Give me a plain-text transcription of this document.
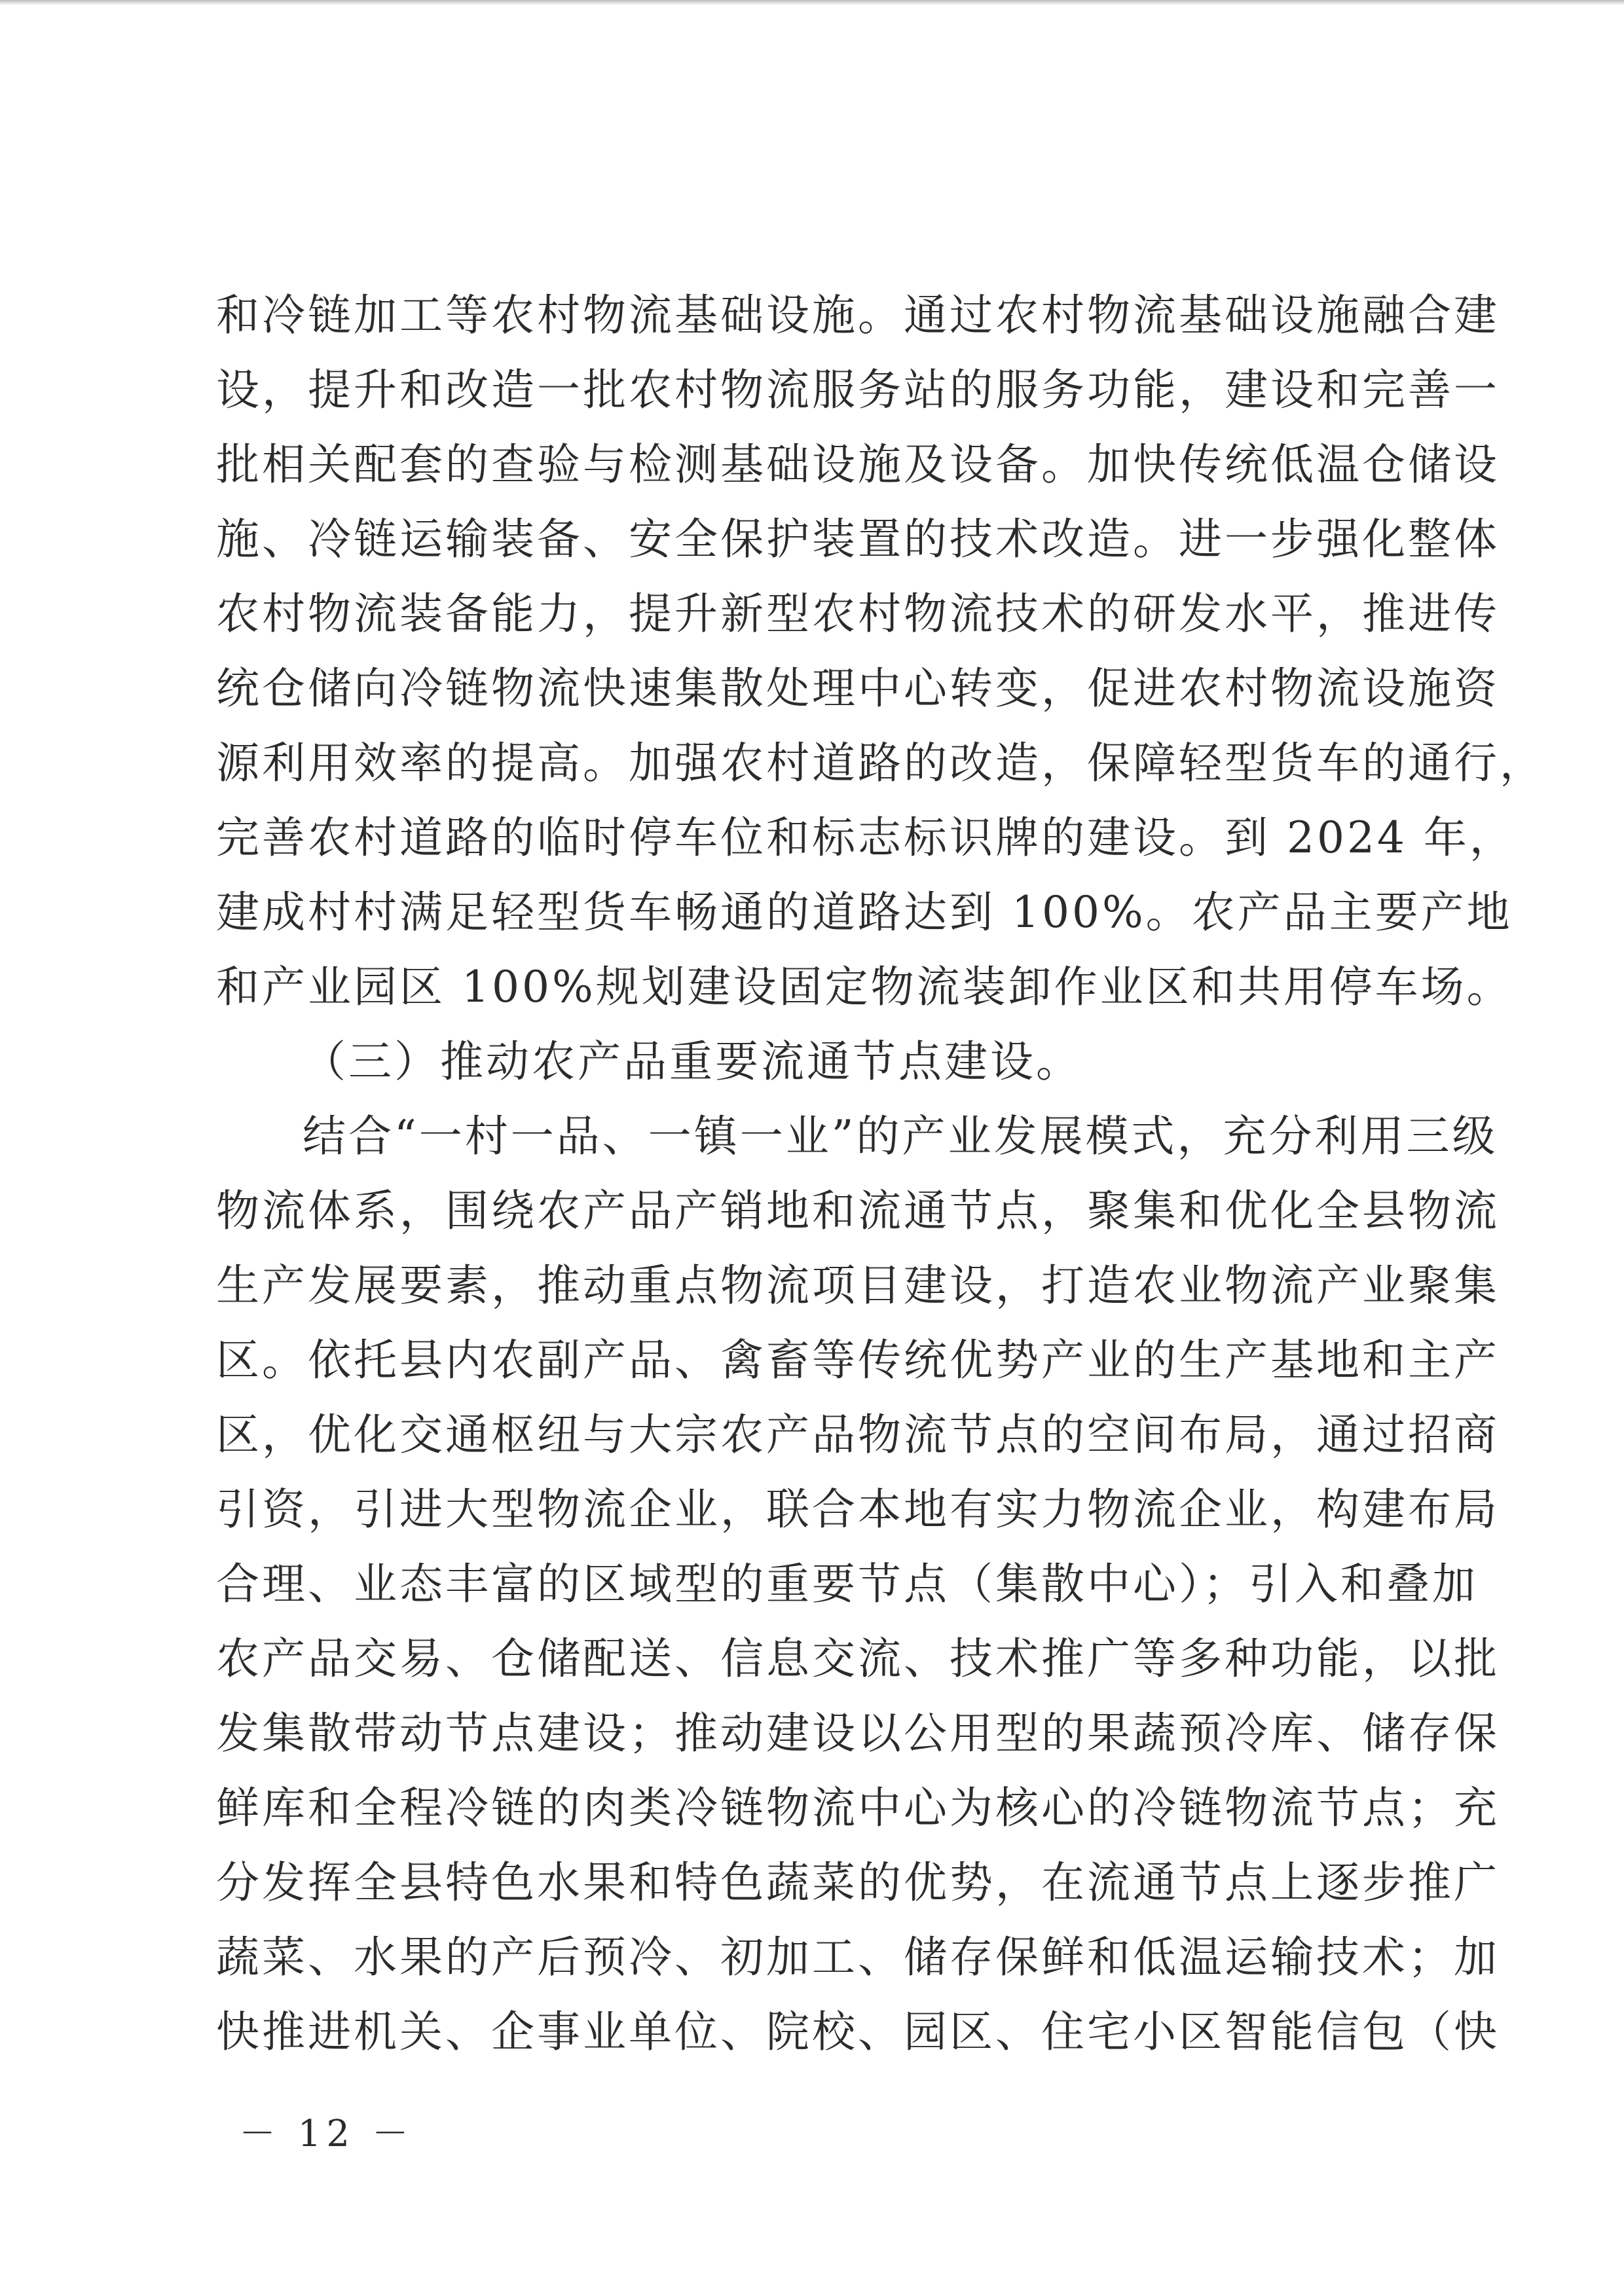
和冷链加工等农村物流基础设施。通过农村物流基础设施融合建
设，提升和改造一批农村物流服务站的服务功能，建设和完善一
批相关配套的查验与检测基础设施及设备。加快传统低温仓储设
施、冷链运输装备、安全保护装置的技术改造。进一步强化整体
农村物流装备能力，提升新型农村物流技术的研发水平，推进传
统仓储向冷链物流快速集散处理中心转变，促进农村物流设施资
源利用效率的提高。加强农村道路的改造，保障轻型货车的通行，
完善农村道路的临时停车位和标志标识牌的建设。到 2024 年，
建成村村满足轻型货车畅通的道路达到 100%。农产品主要产地
和产业园区 100%规划建设固定物流装卸作业区和共用停车场。
（三）推动农产品重要流通节点建设。
结合“一村一品、一镇一业”的产业发展模式，充分利用三级
物流体系，围绕农产品产销地和流通节点，聚集和优化全县物流
生产发展要素，推动重点物流项目建设，打造农业物流产业聚集
区。依托县内农副产品、禽畜等传统优势产业的生产基地和主产
区，优化交通枢纽与大宗农产品物流节点的空间布局，通过招商
引资，引进大型物流企业，联合本地有实力物流企业，构建布局
合理、业态丰富的区域型的重要节点（集散中心）；引入和叠加
农产品交易、仓储配送、信息交流、技术推广等多种功能，以批
发集散带动节点建设；推动建设以公用型的果蔬预冷库、储存保
鲜库和全程冷链的肉类冷链物流中心为核心的冷链物流节点；充
分发挥全县特色水果和特色蔬菜的优势，在流通节点上逐步推广
蔬菜、水果的产后预冷、初加工、储存保鲜和低温运输技术；加
快推进机关、企事业单位、院校、园区、住宅小区智能信包（快
－ 12 －
